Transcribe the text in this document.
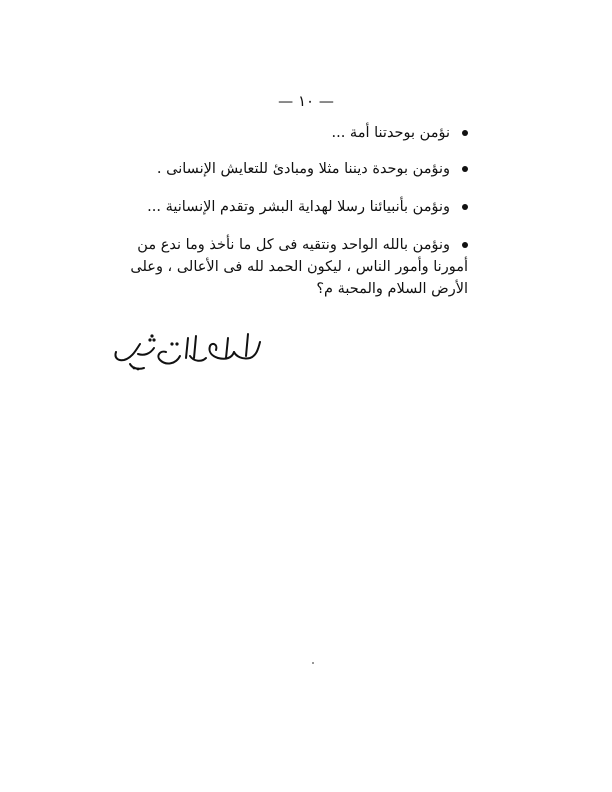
— ١٠ —

نؤمن بوحدتنا أمة ...

ونؤمن بوحدة ديننا مثلا ومبادئ للتعايش الإنسانى .

ونؤمن بأنبيائنا رسلا لهداية البشر وتقدم الإنسانية ...

ونؤمن بالله الواحد ونتقيه فى كل ما نأخذ وما ندع من

أمورنا وأمور الناس ، ليكون الحمد لله فى الأعالى ، وعلى

الأرض السلام والمحبة م؟
